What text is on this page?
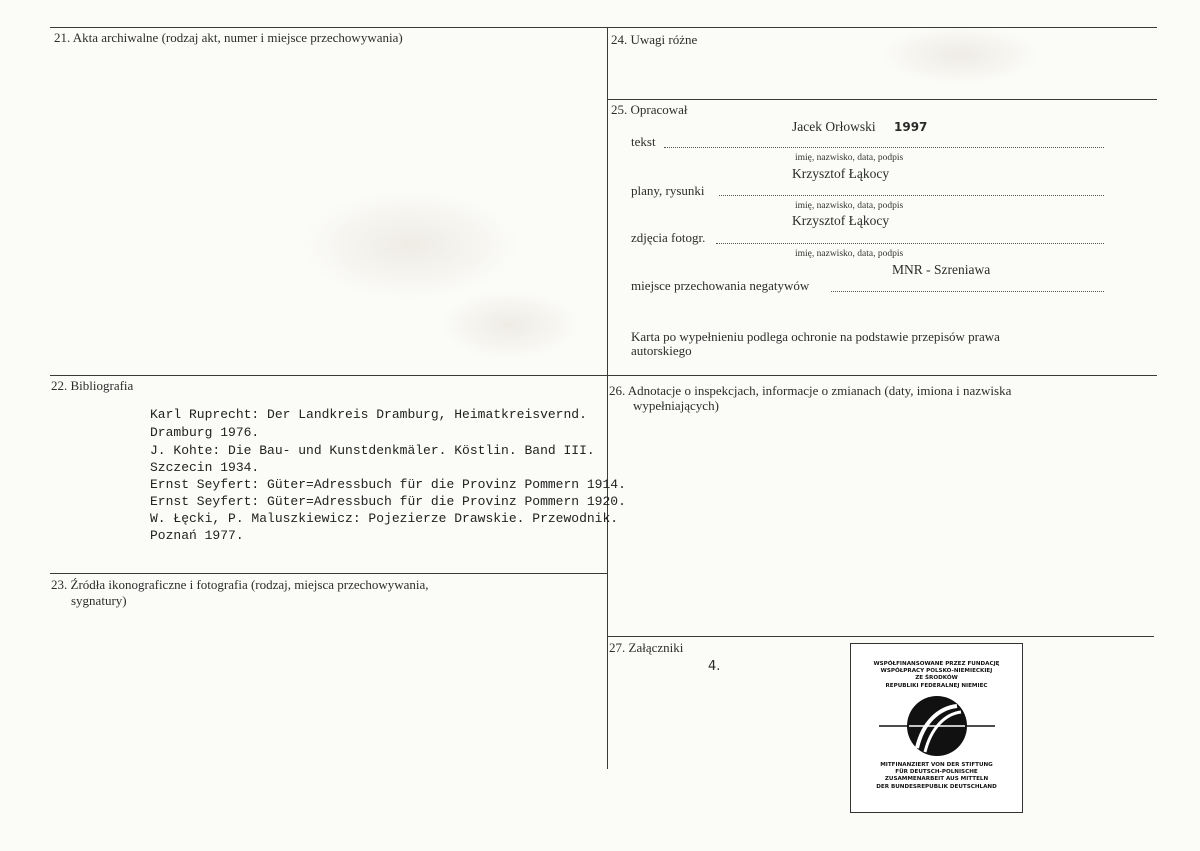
21. Akta archiwalne (rodzaj akt, numer i miejsce przechowywania)	24. Uwagi różne
25. Opracował
Jacek Orłowski 1997
tekst
imię, nazwisko, data, podpis
Krzysztof Łąkocy
plany, rysunki
imię, nazwisko, data, podpis
Krzysztof Łąkocy
zdjęcia fotogr.
imię, nazwisko, data, podpis
MNR - Szreniawa
miejsce przechowania negatywów
Karta po wypełnieniu podlega ochronie na podstawie przepisów prawa
autorskiego
22. Bibliografia
Karl Ruprecht: Der Landkreis Dramburg, Heimatkreisvernd.
Dramburg 1976.
J. Kohte: Die Bau- und Kunstdenkmäler. Köstlin. Band III.
Szczecin 1934.
Ernst Seyfert: Güter=Adressbuch für die Provinz Pommern 1914.
Ernst Seyfert: Güter=Adressbuch für die Provinz Pommern 1920.
W. Łęcki, P. Maluszkiewicz: Pojezierze Drawskie. Przewodnik.
Poznań 1977.
23. Źródła ikonograficzne i fotografia (rodzaj, miejsca przechowywania,
sygnatury)
26. Adnotacje o inspekcjach, informacje o zmianach (daty, imiona i nazwiska
wypełniających)
27. Załączniki
4.	WSPÓŁFINANSOWANE PRZEZ FUNDACJĘ
WSPÓŁPRACY POLSKO-NIEMIECKIEJ
ZE ŚRODKÓW
REPUBLIKI FEDERALNEJ NIEMIEC
MITFINANZIERT VON DER STIFTUNG
FÜR DEUTSCH-POLNISCHE
ZUSAMMENARBEIT AUS MITTELN
DER BUNDESREPUBLIK DEUTSCHLAND
